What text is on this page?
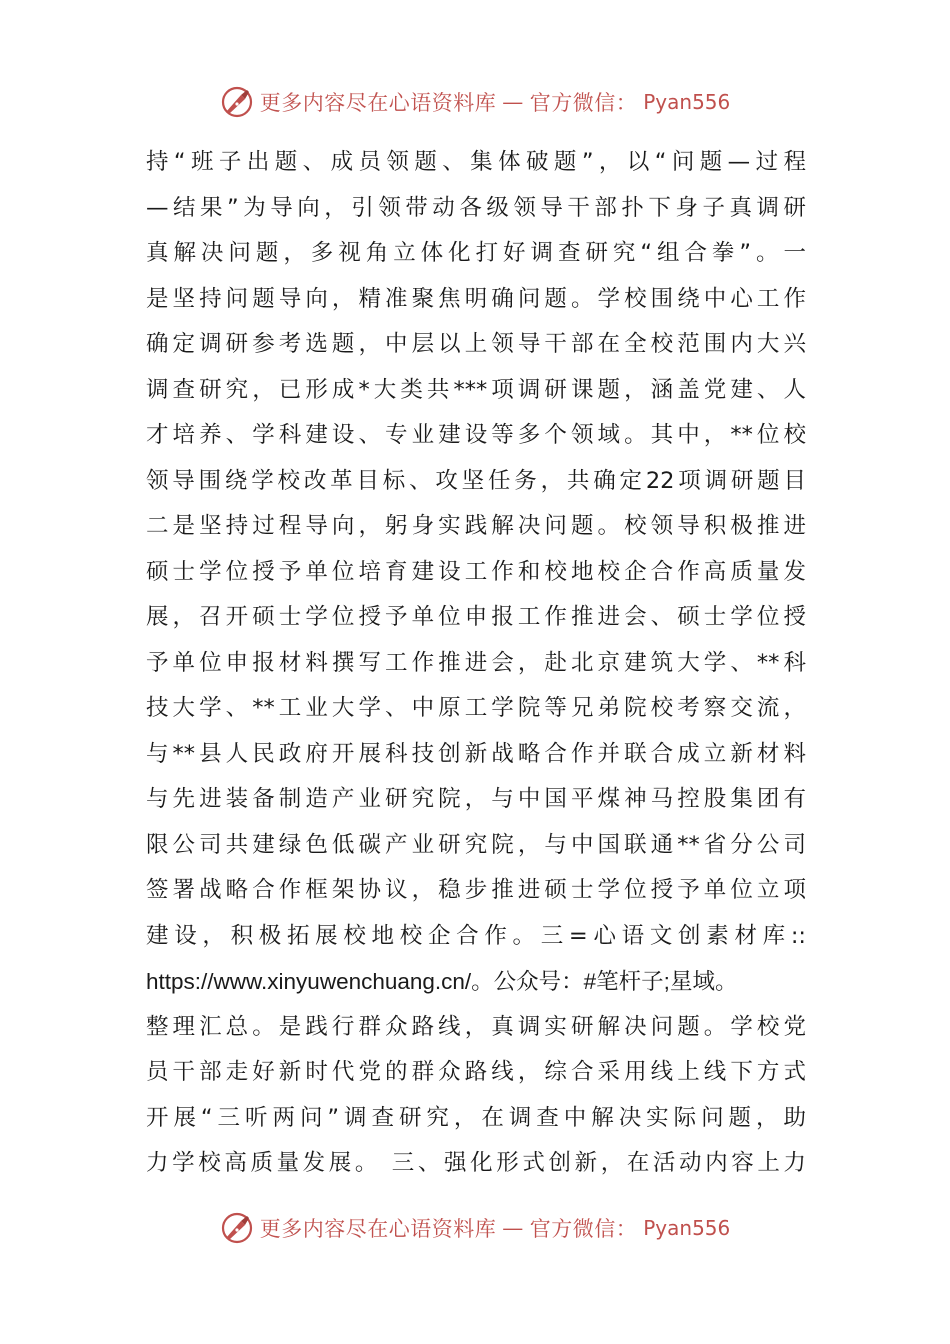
更多内容尽在心语资料库 — 官方微信： Pyan556
持“班子出题、成员领题、集体破题”，以“问题—过程
—结果”为导向，引领带动各级领导干部扑下身子真调研
真解决问题，多视角立体化打好调查研究“组合拳”。一
是坚持问题导向，精准聚焦明确问题。学校围绕中心工作
确定调研参考选题，中层以上领导干部在全校范围内大兴
调查研究，已形成*大类共***项调研课题，涵盖党建、人
才培养、学科建设、专业建设等多个领域。其中，**位校
领导围绕学校改革目标、攻坚任务，共确定22项调研题目
二是坚持过程导向，躬身实践解决问题。校领导积极推进
硕士学位授予单位培育建设工作和校地校企合作高质量发
展，召开硕士学位授予单位申报工作推进会、硕士学位授
予单位申报材料撰写工作推进会，赴北京建筑大学、**科
技大学、**工业大学、中原工学院等兄弟院校考察交流，
与**县人民政府开展科技创新战略合作并联合成立新材料
与先进装备制造产业研究院，与中国平煤神马控股集团有
限公司共建绿色低碳产业研究院，与中国联通**省分公司
签署战略合作框架协议，稳步推进硕士学位授予单位立项
建设，积极拓展校地校企合作。三=心语文创素材库::
https://www.xinyuwenchuang.cn/。公众号：#笔杆子;星域。
整理汇总。是践行群众路线，真调实研解决问题。学校党
员干部走好新时代党的群众路线，综合采用线上线下方式
开展“三听两问”调查研究，在调查中解决实际问题，助
力学校高质量发展。 三、强化形式创新，在活动内容上力
更多内容尽在心语资料库 — 官方微信： Pyan556
